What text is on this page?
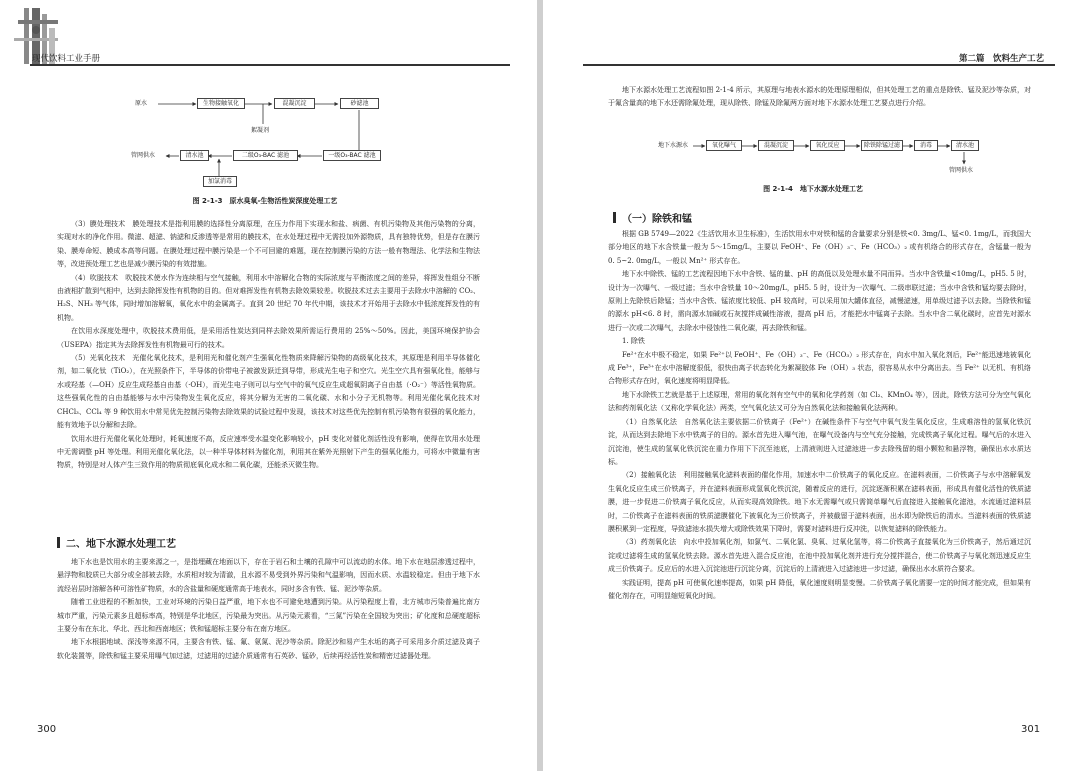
现代饮料工业手册
原水	生物接触氧化	混凝沉淀	砂滤池
絮凝剂
一级O₃-BAC 滤池
二级O₃-BAC 滤池
清水池
管网供水
加氯消毒
图 2-1-3　原水臭氧-生物活性炭深度处理工艺

（3）膜处理技术　膜处理技术是指利用膜的选择性分离原理，在压力作用下实现水和盐、病菌、有机污染物及其他污染物的分离，实现对水的净化作用。微滤、超滤、钠滤和反渗透等是常用的膜技术，在水处理过程中无需投加外源物质，具有独特优势，但是存在膜污染、膜寿命短、膜成本高等问题。在膜处理过程中膜污染是一个不可回避的难题，现在控制膜污染的方法一般有物理法、化学法和生物法等，改进预处理工艺也是减少膜污染的有效措施。

（4）吹脱技术　吹脱技术使水作为连续相与空气接触，利用水中溶解化合物的实际浓度与平衡浓度之间的差异，将挥发性组分不断由液相扩散到气相中，达到去除挥发性有机物的目的。但对难挥发性有机物去除效果较差。吹脱技术过去主要用于去除水中溶解的 CO₂、H₂S、NH₃ 等气体，同时增加溶解氧，氧化水中的金属离子。直到 20 世纪 70 年代中期，该技术才开始用于去除水中低浓度挥发性的有机物。

在饮用水深度处理中，吹脱技术费用低，是采用活性炭达到同样去除效果所需运行费用的 25%～50%。因此，美国环境保护协会（USEPA）指定其为去除挥发性有机物最可行的技术。

（5）光氧化技术　光催化氧化技术，是利用光和催化剂产生强氧化性物质来降解污染物的高级氧化技术，其原理是利用半导体催化剂，如二氧化钛（TiO₂），在光照条件下，半导体的价带电子被激发跃迁到导带，形成光生电子和空穴。光生空穴具有强氧化性，能够与水或羟基（—OH）反应生成羟基自由基（·OH），而光生电子则可以与空气中的氧气反应生成超氧阴离子自由基（·O₂⁻）等活性氧物质。这些强氧化性的自由基能够与水中污染物发生氧化反应，将其分解为无害的二氧化碳、水和小分子无机物等。利用光催化氧化技术对 CHCl₃、CCl₄ 等 9 种饮用水中常见优先控制污染物去除效果的试验过程中发现，该技术对这些优先控制有机污染物有很强的氧化能力，能有效地予以分解和去除。

饮用水进行光催化氧化处理时，耗氧速度不高，反应速率受水温变化影响较小，pH 变化对催化剂活性没有影响，使得在饮用水处理中无需调整 pH 等处理。利用光催化氧化法，以一种半导体材料为催化剂，利用其在紫外光照射下产生的强氧化能力，可将水中微量有害物质，特别是对人体产生三致作用的物质彻底氧化成水和二氧化碳，还能杀灭微生物。

二、地下水源水处理工艺

地下水也是饮用水的主要来源之一，是指埋藏在地面以下，存在于岩石和土壤的孔隙中可以流动的水体。地下水在地层渗透过程中，悬浮物和胶质已大部分或全部被去除，水质相对较为清澈，且水源不易受到外界污染和气温影响，因而水质、水温较稳定。但由于地下水流经岩层时溶解各种可溶性矿物质，水的含盐量和硬度通常高于地表水，同时多含有铁、锰、泥沙等杂质。

随着工业进程的不断加快，工业对环境的污染日益严重，地下水也不可避免地遭到污染。从污染程度上看，北方城市污染普遍比南方城市严重，污染元素多且超标率高，特别是华北地区，污染最为突出。从污染元素看，“三氮”污染在全国较为突出；矿化度和总硬度超标主要分布在东北、华北、西北和西南地区；铁和锰超标主要分布在南方地区。

地下水根据地域、深浅等来源不同，主要含有铁、锰、氟、氨氮、泥沙等杂质。除泥沙和易产生水垢的离子可采用多介质过滤及离子软化装置等，除铁和锰主要采用曝气加过滤，过滤用的过滤介质通常有石英砂、锰砂，后续再经活性炭和精密过滤器处理。

300
第二篇　饮料生产工艺

地下水源水处理工艺流程如图 2-1-4 所示，其原理与地表水源水的处理原理相似，但其处理工艺的重点是除铁、锰及泥沙等杂质，对于氟含量高的地下水还需除氟处理，现从除铁、除锰及除氟两方面对地下水源水处理工艺要点进行介绍。

地下水源水	氧化曝气	混凝沉淀	氧化反应	除铁除锰过滤	消毒	清水池
管网供水
图 2-1-4　地下水源水处理工艺
（一）除铁和锰

根据 GB 5749—2022《生活饮用水卫生标准》，生活饮用水中对铁和锰的含量要求分别是铁<0. 3mg/L、锰<0. 1mg/L，而我国大部分地区的地下水含铁量一般为 5～15mg/L，主要以 FeOH⁺、Fe（OH）₃⁻、Fe（HCO₃）₂ 或有机络合的形式存在，含锰量一般为 0. 5~2. 0mg/L，一般以 Mn²⁺ 形式存在。

地下水中除铁、锰的工艺流程因地下水中含铁、锰的量、pH 的高低以及处理水量不同而异。当水中含铁量<10mg/L，pH5. 5 时，设计为一次曝气、一级过滤；当水中含铁量 10～20mg/L，pH5. 5 时，设计为一次曝气、二级串联过滤；当水中含铁和锰均要去除时，原则上先除铁后除锰；当水中含铁、锰浓度比较低、pH 较高时，可以采用加大罐体直径，减慢滤速，用单级过滤予以去除。当除铁和锰的源水 pH<6. 8 时，需向源水加碱或石灰搅拌成碱性溶液，提高 pH 后，才能把水中锰离子去除。当水中含二氧化碳时，应首先对源水进行一次或二次曝气，去除水中侵蚀性二氧化碳，再去除铁和锰。

1. 除铁

Fe²⁺在水中极不稳定，如果 Fe²⁺以 FeOH⁺、Fe（OH）₃⁻、Fe（HCO₃）₂ 形式存在，向水中加入氧化剂后，Fe²⁺能迅速地被氧化成 Fe³⁺，Fe³⁺在水中溶解度很低，很快由离子状态转化为絮凝胶体 Fe（OH）₃ 状态，很容易从水中分离出去。当 Fe²⁺ 以无机、有机络合物形式存在时，氧化速度将明显降低。

地下水除铁工艺就是基于上述原理，常用的氧化剂有空气中的氧和化学药剂（如 Cl₂、KMnO₄ 等），因此，除铁方法可分为空气氧化法和药剂氧化法（又称化学氧化法）两类，空气氧化法又可分为自然氧化法和接触氧化法两种。

（1）自然氧化法　自然氧化法主要依据二价铁离子（Fe²⁺）在碱性条件下与空气中氧气发生氧化反应，生成难溶性的氢氧化铁沉淀，从而达到去除地下水中铁离子的目的。源水首先进入曝气池，在曝气设备内与空气充分接触，完成铁离子氧化过程。曝气后的水进入沉淀池，使生成的氢氧化铁沉淀在重力作用下下沉至池底，上清液则进入过滤池进一步去除残留的细小颗粒和悬浮物，确保出水水质达标。

（2）接触氧化法　利用接触氧化滤料表面的催化作用，加速水中二价铁离子的氧化反应。在滤料表面，二价铁离子与水中溶解氧发生氧化反应生成三价铁离子，并在滤料表面形成氢氧化铁沉淀，随着反应的进行，沉淀逐渐积累在滤料表面，形成具有催化活性的铁质滤膜，进一步促进二价铁离子氧化反应，从而实现高效除铁。地下水无需曝气或只需简单曝气后直接进入接触氧化滤池，水流通过滤料层时，二价铁离子在滤料表面的铁质滤膜催化下被氧化为三价铁离子，并被截留于滤料表面，出水即为除铁后的清水。当滤料表面的铁质滤膜积累到一定程度，导致滤池水损失增大或除铁效果下降时，需要对滤料进行反冲洗，以恢复滤料的除铁能力。

（3）药剂氧化法　向水中投加氧化剂，如氯气、二氧化氯、臭氧、过氧化氢等，将二价铁离子直接氧化为三价铁离子，然后通过沉淀或过滤将生成的氢氧化铁去除。源水首先进入混合反应池，在池中投加氧化剂并进行充分搅拌混合，使二价铁离子与氧化剂迅速反应生成三价铁离子。反应后的水进入沉淀池进行沉淀分离，沉淀后的上清液进入过滤池进一步过滤，确保出水水质符合要求。

实践证明，提高 pH 可使氧化速率提高，如果 pH 降低，氧化速度则明显变慢。二价铁离子氧化需要一定的时间才能完成，但如果有催化剂存在，可明显缩短氧化时间。

301
